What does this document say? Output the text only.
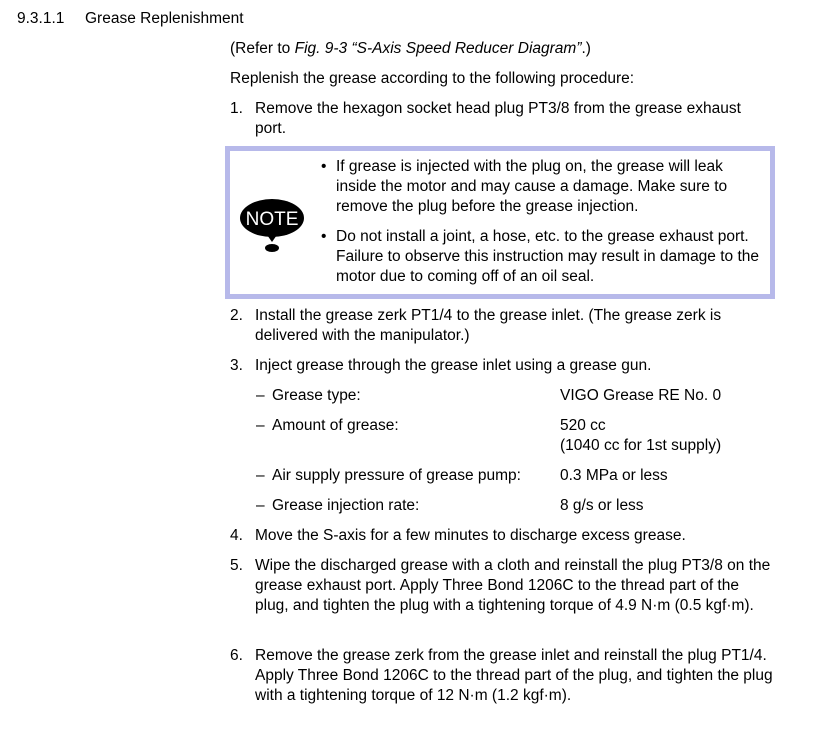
9.3.1.1 Grease Replenishment
(Refer to Fig. 9-3 “S-Axis Speed Reducer Diagram”.)
Replenish the grease according to the following procedure:
1. Remove the hexagon socket head plug PT3/8 from the grease exhaust port.
NOTE
• If grease is injected with the plug on, the grease will leak inside the motor and may cause a damage. Make sure to remove the plug before the grease injection.
• Do not install a joint, a hose, etc. to the grease exhaust port. Failure to observe this instruction may result in damage to the motor due to coming off of an oil seal.
2. Install the grease zerk PT1/4 to the grease inlet. (The grease zerk is delivered with the manipulator.)
3. Inject grease through the grease inlet using a grease gun.
– Grease type:	VIGO Grease RE No. 0
– Amount of grease:	520 cc
(1040 cc for 1st supply)
– Air supply pressure of grease pump:	0.3 MPa or less
– Grease injection rate:	8 g/s or less
4. Move the S-axis for a few minutes to discharge excess grease.
5. Wipe the discharged grease with a cloth and reinstall the plug PT3/8 on the grease exhaust port. Apply Three Bond 1206C to the thread part of the plug, and tighten the plug with a tightening torque of 4.9 N·m (0.5 kgf·m).
6. Remove the grease zerk from the grease inlet and reinstall the plug PT1/4. Apply Three Bond 1206C to the thread part of the plug, and tighten the plug with a tightening torque of 12 N·m (1.2 kgf·m).
